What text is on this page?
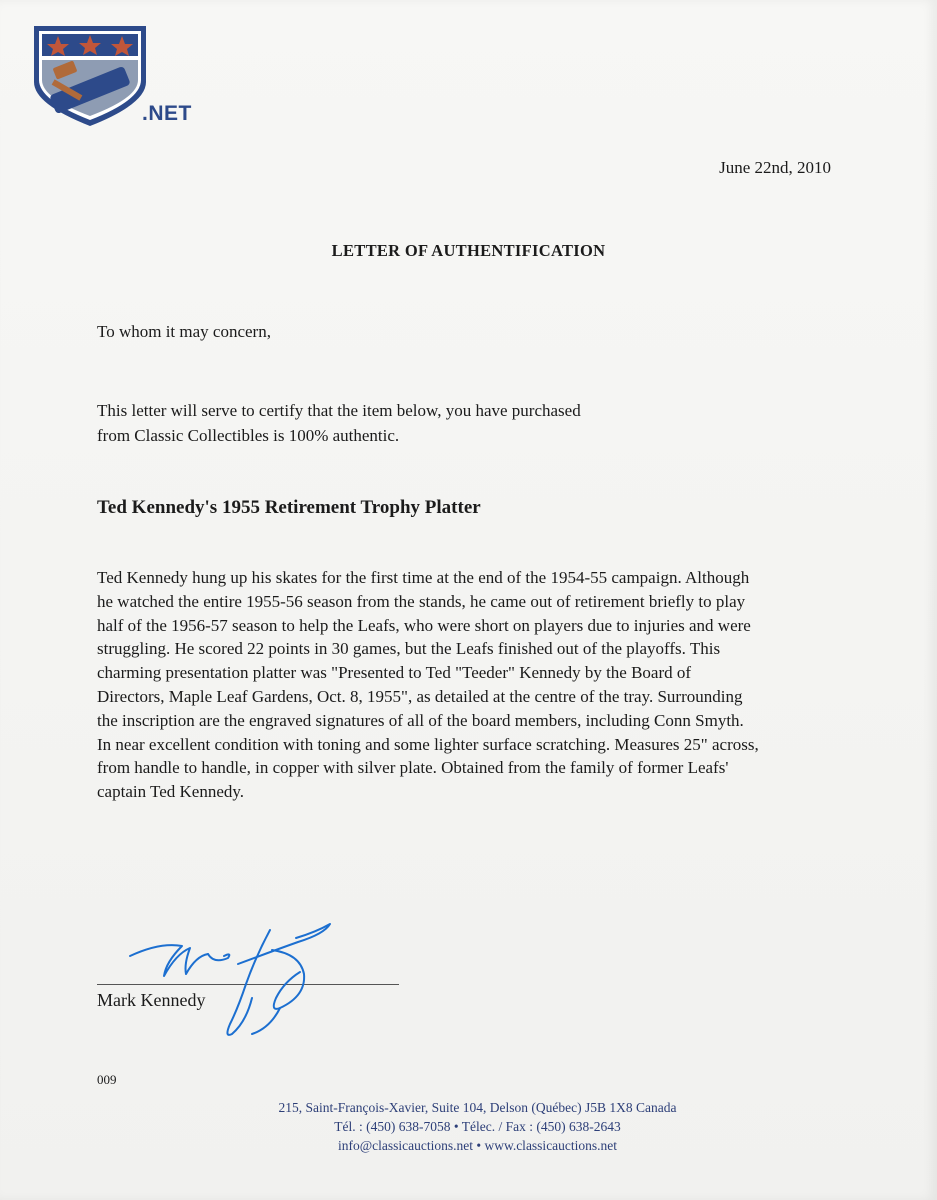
.NET
June 22nd, 2010
LETTER OF AUTHENTIFICATION
To whom it may concern,
This letter will serve to certify that the item below, you have purchased
from Classic Collectibles is 100% authentic.
Ted Kennedy's 1955 Retirement Trophy Platter
Ted Kennedy hung up his skates for the first time at the end of the 1954-55 campaign. Although
he watched the entire 1955-56 season from the stands, he came out of retirement briefly to play
half of the 1956-57 season to help the Leafs, who were short on players due to injuries and were
struggling. He scored 22 points in 30 games, but the Leafs finished out of the playoffs. This
charming presentation platter was "Presented to Ted "Teeder" Kennedy by the Board of
Directors, Maple Leaf Gardens, Oct. 8, 1955", as detailed at the centre of the tray. Surrounding
the inscription are the engraved signatures of all of the board members, including Conn Smyth.
In near excellent condition with toning and some lighter surface scratching. Measures 25" across,
from handle to handle, in copper with silver plate. Obtained from the family of former Leafs'
captain Ted Kennedy.
Mark Kennedy
009
215, Saint-François-Xavier, Suite 104, Delson (Québec) J5B 1X8 Canada
Tél. : (450) 638-7058 • Télec. / Fax : (450) 638-2643
info@classicauctions.net • www.classicauctions.net
